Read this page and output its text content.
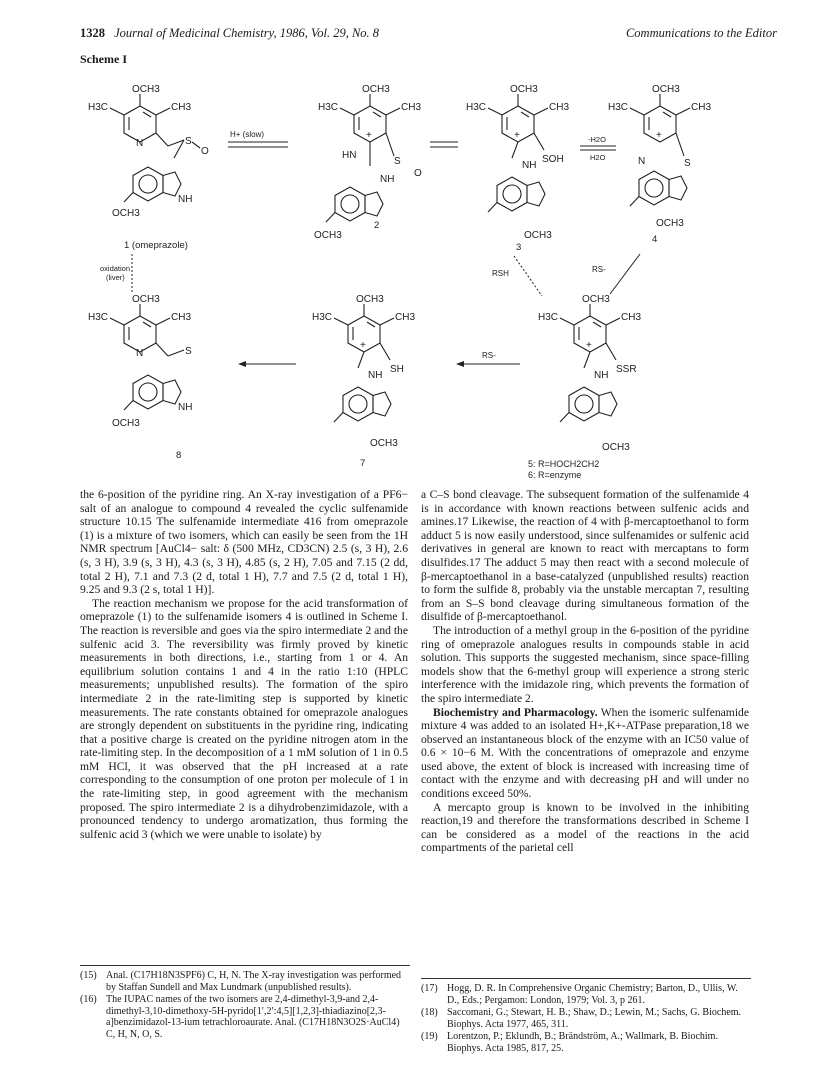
1328 Journal of Medicinal Chemistry, 1986, Vol. 29, No. 8	Communications to the Editor
Scheme I
OCH3
H3C	CH3
N	S
O
NH
OCH3
1 (omeprazole)
H+ (slow)
OCH3
H3C	CH3
+
HN
S
O
NH
OCH3
2
OCH3
H3C	CH3
+
SOH
NH
OCH3
3
-H2O
H2O
OCH3
H3C	CH3
+
N	S
OCH3
4
oxidation
(liver)	RSH	RS-
OCH3
H3C	CH3
N	S
NH
OCH3
8
OCH3
H3C	CH3
+
SH
NH
OCH3
7
RS-
OCH3
H3C	CH3
+
SSR
NH
OCH3
5: R=HOCH2CH2
6: R=enzyme

the 6-position of the pyridine ring. An X-ray investigation of a PF6− salt of an analogue to compound 4 revealed the cyclic sulfenamide structure 10.15 The sulfenamide intermediate 416 from omeprazole (1) is a mixture of two isomers, which can easily be seen from the 1H NMR spectrum [AuCl4− salt: δ (500 MHz, CD3CN) 2.5 (s, 3 H), 2.6 (s, 3 H), 3.9 (s, 3 H), 4.3 (s, 3 H), 4.85 (s, 2 H), 7.05 and 7.15 (2 dd, total 2 H), 7.1 and 7.3 (2 d, total 1 H), 7.7 and 7.5 (2 d, total 1 H), 9.25 and 9.3 (2 s, total 1 H)].

The reaction mechanism we propose for the acid transformation of omeprazole (1) to the sulfenamide isomers 4 is outlined in Scheme I. The reaction is reversible and goes via the spiro intermediate 2 and the sulfenic acid 3. The reversibility was firmly proved by kinetic measurements in both directions, i.e., starting from 1 or 4. An equilibrium solution contains 1 and 4 in the ratio 1:10 (HPLC measurements; unpublished results). The formation of the spiro intermediate 2 in the rate-limiting step is supported by kinetic measurements. The rate constants obtained for omeprazole analogues are strongly dependent on substituents in the pyridine ring, indicating that a positive charge is created on the pyridine nitrogen atom in the rate-limiting step. In the decomposition of a 1 mM solution of 1 in 0.5 mM HCl, it was observed that the pH increased at a rate corresponding to the consumption of one proton per molecule of 1 in the rate-limiting step, in good agreement with the mechanism proposed. The spiro intermediate 2 is a dihydrobenzimidazole, with a pronounced tendency to undergo aromatization, thus forming the sulfenic acid 3 (which we were unable to isolate) by

a C–S bond cleavage. The subsequent formation of the sulfenamide 4 is in accordance with known reactions between sulfenic acids and amines.17 Likewise, the reaction of 4 with β-mercaptoethanol to form adduct 5 is now easily understood, since sulfenamides or sulfenic acid derivatives in general are known to react with mercaptans to form disulfides.17 The adduct 5 may then react with a second molecule of β-mercaptoethanol in a base-catalyzed (unpublished results) reaction to form the sulfide 8, probably via the unstable mercaptan 7, resulting from an S–S bond cleavage during simultaneous formation of the disulfide of β-mercaptoethanol.

The introduction of a methyl group in the 6-position of the pyridine ring of omeprazole analogues results in compounds stable in acid solution. This supports the suggested mechanism, since space-filling models show that the 6-methyl group will experience a strong steric interference with the imidazole ring, which prevents the formation of the spiro intermediate 2.

Biochemistry and Pharmacology. When the isomeric sulfenamide mixture 4 was added to an isolated H+,K+-ATPase preparation,18 we observed an instantaneous block of the enzyme with an IC50 value of 0.6 × 10−6 M. With the concentrations of omeprazole and enzyme used above, the extent of block is increased with increasing time of contact with the enzyme and with decreasing pH and will under no conditions exceed 50%.

A mercapto group is known to be involved in the inhibiting reaction,19 and therefore the transformations described in Scheme I can be considered as a model of the reactions in the acid compartments of the parietal cell

(15) Anal. (C17H18N3SPF6) C, H, N. The X-ray investigation was performed by Staffan Sundell and Max Lundmark (unpublished results).
(16) The IUPAC names of the two isomers are 2,4-dimethyl-3,9-and 2,4-dimethyl-3,10-dimethoxy-5H-pyrido[1′,2′:4,5][1,2,3]-thiadiazino[2,3-a]benzimidazol-13-ium tetrachloroaurate. Anal. (C17H18N3O2S·AuCl4) C, H, N, O, S.
(17) Hogg, D. R. In Comprehensive Organic Chemistry; Barton, D., Ullis, W. D., Eds.; Pergamon: London, 1979; Vol. 3, p 261.
(18) Saccomani, G.; Stewart, H. B.; Shaw, D.; Lewin, M.; Sachs, G. Biochem. Biophys. Acta 1977, 465, 311.
(19) Lorentzon, P.; Eklundh, B.; Brändström, A.; Wallmark, B. Biochim. Biophys. Acta 1985, 817, 25.
